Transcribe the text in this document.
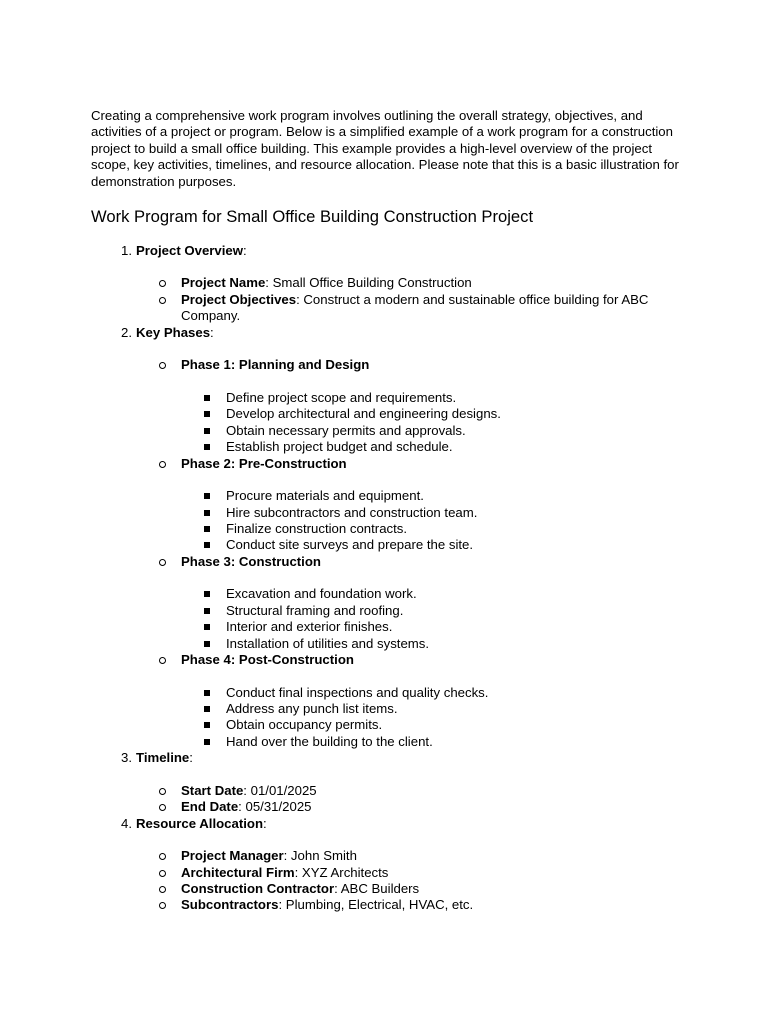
Creating a comprehensive work program involves outlining the overall strategy, objectives, and activities of a project or program. Below is a simplified example of a work program for a construction project to build a small office building. This example provides a high-level overview of the project scope, key activities, timelines, and resource allocation. Please note that this is a basic illustration for demonstration purposes.

Work Program for Small Office Building Construction Project
1. Project Overview:
Project Name: Small Office Building Construction
Project Objectives: Construct a modern and sustainable office building for ABC Company.
2. Key Phases:
Phase 1: Planning and Design
Define project scope and requirements.
Develop architectural and engineering designs.
Obtain necessary permits and approvals.
Establish project budget and schedule.
Phase 2: Pre-Construction
Procure materials and equipment.
Hire subcontractors and construction team.
Finalize construction contracts.
Conduct site surveys and prepare the site.
Phase 3: Construction
Excavation and foundation work.
Structural framing and roofing.
Interior and exterior finishes.
Installation of utilities and systems.
Phase 4: Post-Construction
Conduct final inspections and quality checks.
Address any punch list items.
Obtain occupancy permits.
Hand over the building to the client.
3. Timeline:
Start Date: 01/01/2025
End Date: 05/31/2025
4. Resource Allocation:
Project Manager: John Smith
Architectural Firm: XYZ Architects
Construction Contractor: ABC Builders
Subcontractors: Plumbing, Electrical, HVAC, etc.
